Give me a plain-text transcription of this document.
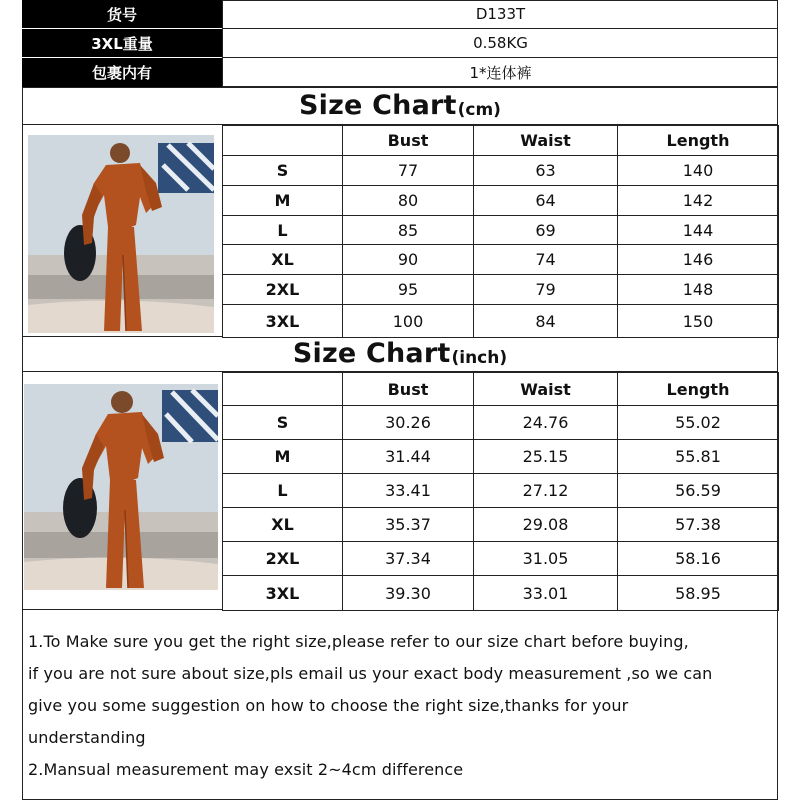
货号	D133T
3XL重量	0.58KG
包裹内有	1*连体裤
Size Chart (cm)
	Bust	Waist	Length
S	77	63	140
M	80	64	142
L	85	69	144
XL	90	74	146
2XL	95	79	148
3XL	100	84	150
Size Chart (inch)
	Bust	Waist	Length
S	30.26	24.76	55.02
M	31.44	25.15	55.81
L	33.41	27.12	56.59
XL	35.37	29.08	57.38
2XL	37.34	31.05	58.16
3XL	39.30	33.01	58.95

1.To Make sure you get the right size,please refer to our size chart before buying,

if you are not sure about size,pls email us your exact body measurement ,so we can

give you some suggestion on how to choose the right size,thanks for your

understanding

2.Mansual measurement may exsit 2~4cm difference
